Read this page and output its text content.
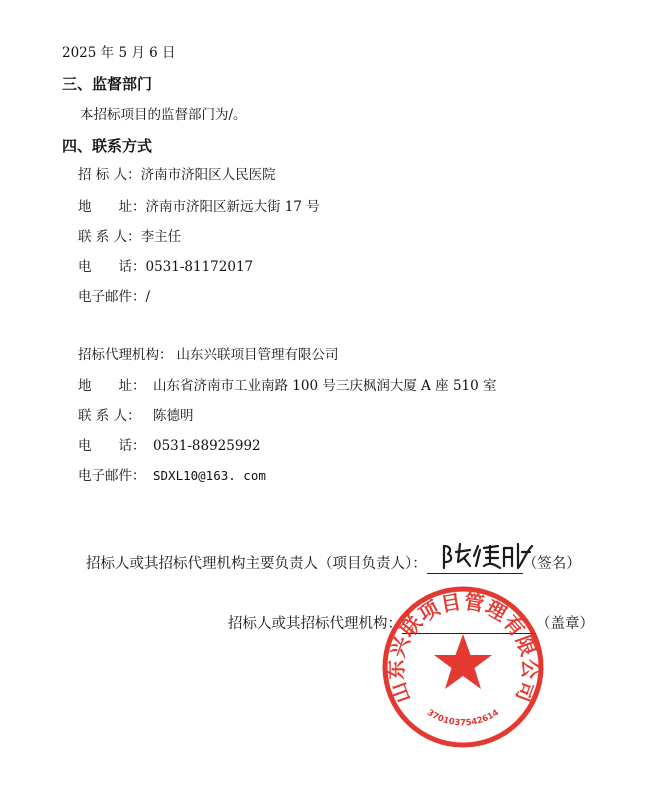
2025 年 5 月 6 日
三、监督部门
本招标项目的监督部门为/。
四、联系方式
招 标 人：济南市济阳区人民医院
地　　址：济南市济阳区新远大街 17 号
联 系 人：李主任
电　　话：0531-81172017
电子邮件：/
招标代理机构： 山东兴联项目管理有限公司
地　　址： 山东省济南市工业南路 100 号三庆枫润大厦 A 座 510 室
联 系 人： 陈德明
电　　话： 0531-88925992
电子邮件： SDXL10@163. com
招标人或其招标代理机构主要负责人（项目负责人）：	（签名）
招标人或其招标代理机构：	（盖章）
山东兴联项目管理有限公司
3701037542614
